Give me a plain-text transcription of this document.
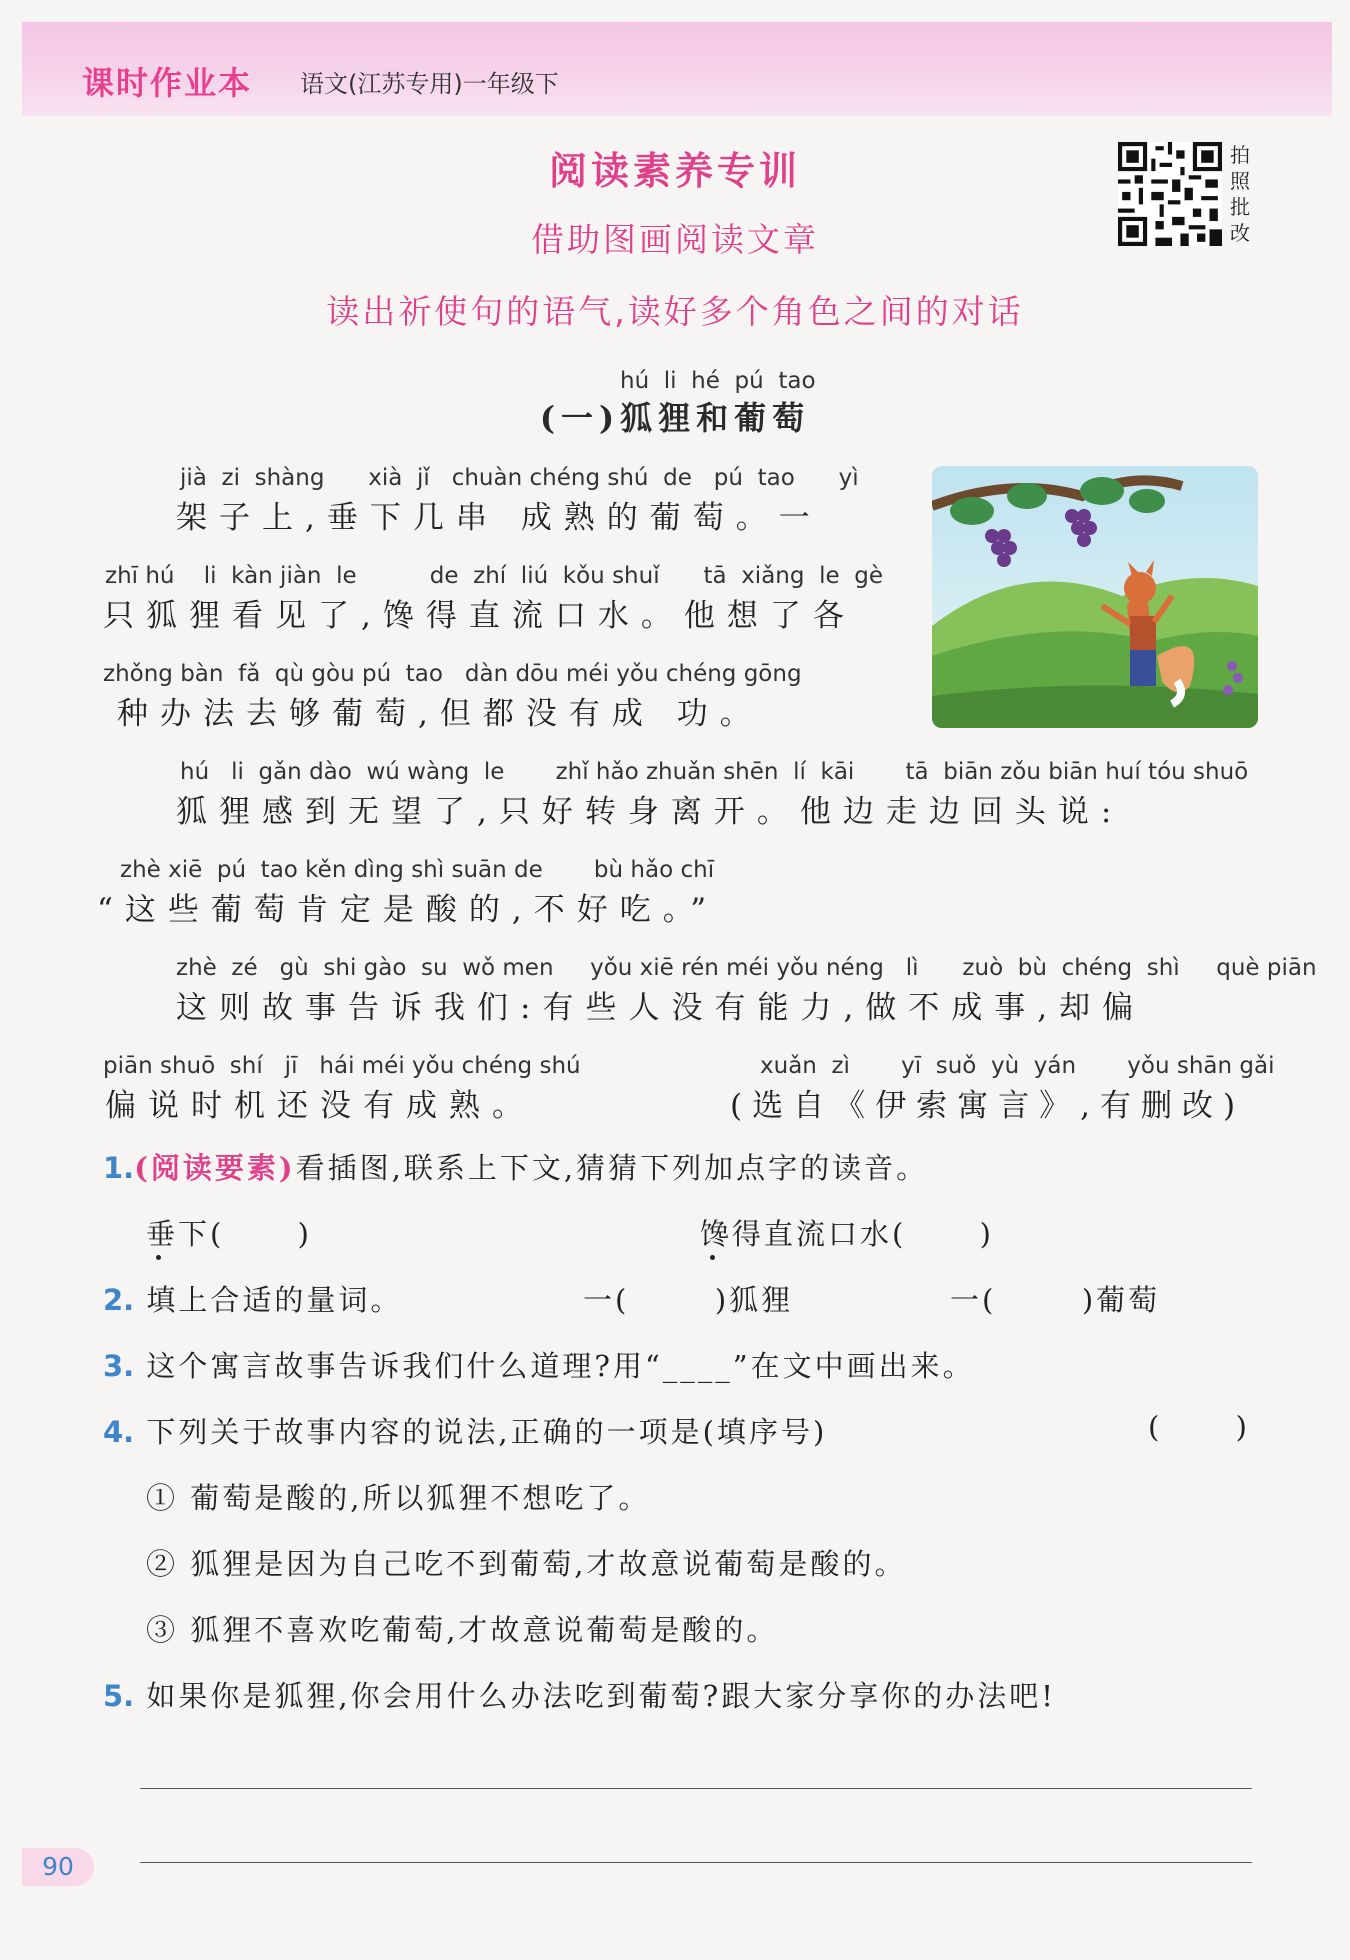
课时作业本 语文(江苏专用)一年级下
阅读素养专训
借助图画阅读文章
读出祈使句的语气,读好多个角色之间的对话
拍
照
批
改
hú  li  hé  pú  tao
(一)狐狸和葡萄
jià  zi  shàng      xià  jǐ   chuàn chéng shú  de   pú  tao      yì
架子上,垂下几串 成熟的葡萄。一
zhī hú    li  kàn jiàn  le          de  zhí  liú  kǒu shuǐ      tā  xiǎng  le  gè
只狐狸看见了,馋得直流口水。他想了各
zhǒng bàn  fǎ  qù gòu pú  tao   dàn dōu méi yǒu chéng gōng
种办法去够葡萄,但都没有成 功。
hú   li  gǎn dào  wú wàng  le       zhǐ hǎo zhuǎn shēn  lí  kāi       tā  biān zǒu biān huí tóu shuō
狐狸感到无望了,只好转身离开。他边走边回头说:
zhè xiē  pú  tao kěn dìng shì suān de       bù hǎo chī
“这些葡萄肯定是酸的,不好吃。”
zhè  zé   gù  shi gào  su  wǒ men     yǒu xiē rén méi yǒu néng   lì      zuò  bù  chéng  shì     què piān
这则故事告诉我们:有些人没有能力,做不成事,却偏
piān shuō  shí   jī   hái méi yǒu chéng shú
偏说时机还没有成熟。
xuǎn  zì       yī  suǒ  yù  yán       yǒu shān gǎi
(选自《伊索寓言》,有删改)
1.(阅读要素)看插图,联系上下文,猜猜下列加点字的读音。
垂下(      )	馋得直流口水(      )
2. 填上合适的量词。	一(       )狐狸	一(       )葡萄
3. 这个寓言故事告诉我们什么道理?用“____”在文中画出来。
4. 下列关于故事内容的说法,正确的一项是(填序号)	(      )
① 葡萄是酸的,所以狐狸不想吃了。
② 狐狸是因为自己吃不到葡萄,才故意说葡萄是酸的。
③ 狐狸不喜欢吃葡萄,才故意说葡萄是酸的。
5. 如果你是狐狸,你会用什么办法吃到葡萄?跟大家分享你的办法吧!
90
